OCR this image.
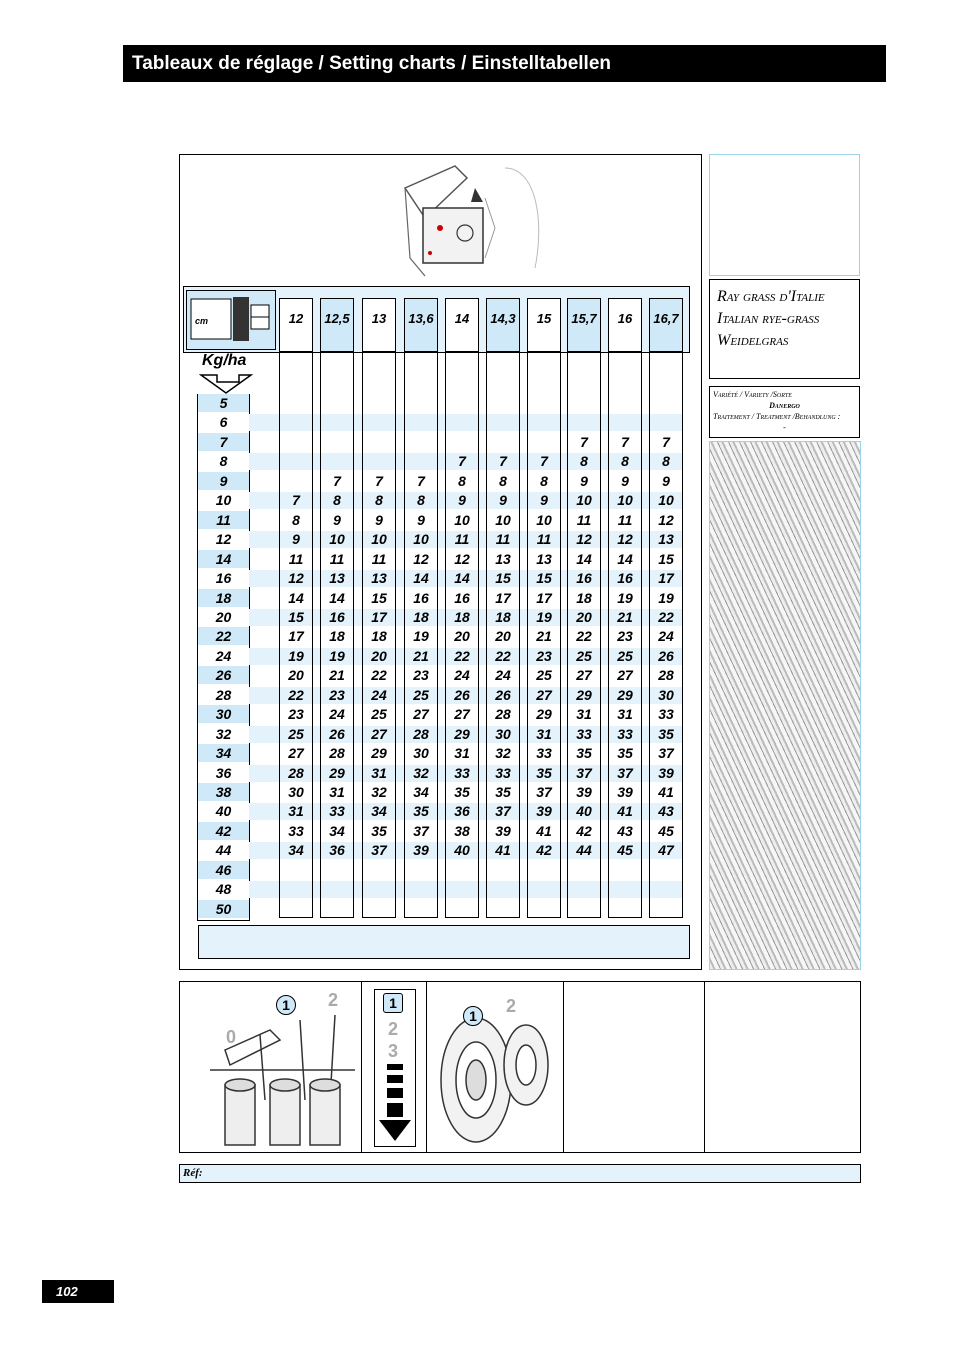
Tableaux de réglage / Setting charts / Einstelltabellen
cm
Kg/ha
12
7
8
9
11
12
14
15
17
19
20
22
23
25
27
28
30
31
33
34
12,5
7
8
9
10
11
13
14
16
18
19
21
23
24
26
28
29
31
33
34
36
13
7
8
9
10
11
13
15
17
18
20
22
24
25
27
29
31
32
34
35
37
13,6
7
8
9
10
12
14
16
18
19
21
23
25
27
28
30
32
34
35
37
39
14
7
8
9
10
11
12
14
16
18
20
22
24
26
27
29
31
33
35
36
38
40
14,3
7
8
9
10
11
13
15
17
18
20
22
24
26
28
30
32
33
35
37
39
41
15
7
8
9
10
11
13
15
17
19
21
23
25
27
29
31
33
35
37
39
41
42
15,7
7
8
9
10
11
12
14
16
18
20
22
25
27
29
31
33
35
37
39
40
42
44
16
7
8
9
10
11
12
14
16
19
21
23
25
27
29
31
33
35
37
39
41
43
45
16,7
7
8
9
10
12
13
15
17
19
22
24
26
28
30
33
35
37
39
41
43
45
47
5
6
7
8
9
10
11
12
14
16
18
20
22
24
26
28
30
32
34
36
38
40
42
44
46
48
50
Ray grass d'Italie
Italian rye-grass
Weidelgras
Variété / Variety /Sorte
Danergo
Traitement / Treatment /Behandlung :
-
1	2
0
1
2
3
1	2
Réf:
102
